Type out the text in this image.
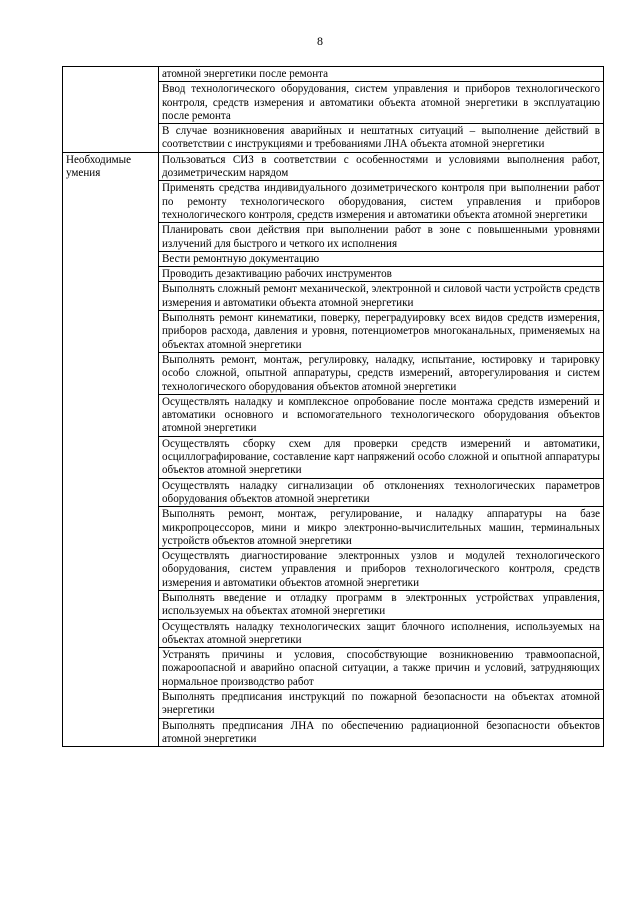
8
	атомной энергетики после ремонта
	Ввод технологического оборудования, систем управления и приборов технологического контроля, средств измерения и автоматики объекта атомной энергетики в эксплуатацию после ремонта
	В случае возникновения аварийных и нештатных ситуаций – выполнение действий в соответствии с инструкциями и требованиями ЛНА объекта атомной энергетики
Необходимые умения	Пользоваться СИЗ в соответствии с особенностями и условиями выполнения работ, дозиметрическим нарядом
	Применять средства индивидуального дозиметрического контроля при выполнении работ по ремонту технологического оборудования, систем управления и приборов технологического контроля, средств измерения и автоматики объекта атомной энергетики
	Планировать свои действия при выполнении работ в зоне с повышенными уровнями излучений для быстрого и четкого их исполнения
	Вести ремонтную документацию
	Проводить дезактивацию рабочих инструментов
	Выполнять сложный ремонт механической, электронной и силовой части устройств средств измерения и автоматики объекта атомной энергетики
	Выполнять ремонт кинематики, поверку, переградуировку всех видов средств измерения, приборов расхода, давления и уровня, потенциометров многоканальных, применяемых на объектах атомной энергетики
	Выполнять ремонт, монтаж, регулировку, наладку, испытание, юстировку и тарировку особо сложной, опытной аппаратуры, средств измерений, авторегулирования и систем технологического оборудования объектов атомной энергетики
	Осуществлять наладку и комплексное опробование после монтажа средств измерений и автоматики основного и вспомогательного технологического оборудования объектов атомной энергетики
	Осуществлять сборку схем для проверки средств измерений и автоматики, осциллографирование, составление карт напряжений особо сложной и опытной аппаратуры объектов атомной энергетики
	Осуществлять наладку сигнализации об отклонениях технологических параметров оборудования объектов атомной энергетики
	Выполнять ремонт, монтаж, регулирование, и наладку аппаратуры на базе микропроцессоров, мини и микро электронно-вычислительных машин, терминальных устройств объектов атомной энергетики
	Осуществлять диагностирование электронных узлов и модулей технологического оборудования, систем управления и приборов технологического контроля, средств измерения и автоматики объектов атомной энергетики
	Выполнять введение и отладку программ в электронных устройствах управления, используемых на объектах атомной энергетики
	Осуществлять наладку технологических защит блочного исполнения, используемых на объектах атомной энергетики
	Устранять причины и условия, способствующие возникновению травмоопасной, пожароопасной и аварийно опасной ситуации, а также причин и условий, затрудняющих нормальное производство работ
	Выполнять предписания инструкций по пожарной безопасности на объектах атомной энергетики
	Выполнять предписания ЛНА по обеспечению радиационной безопасности объектов атомной энергетики
